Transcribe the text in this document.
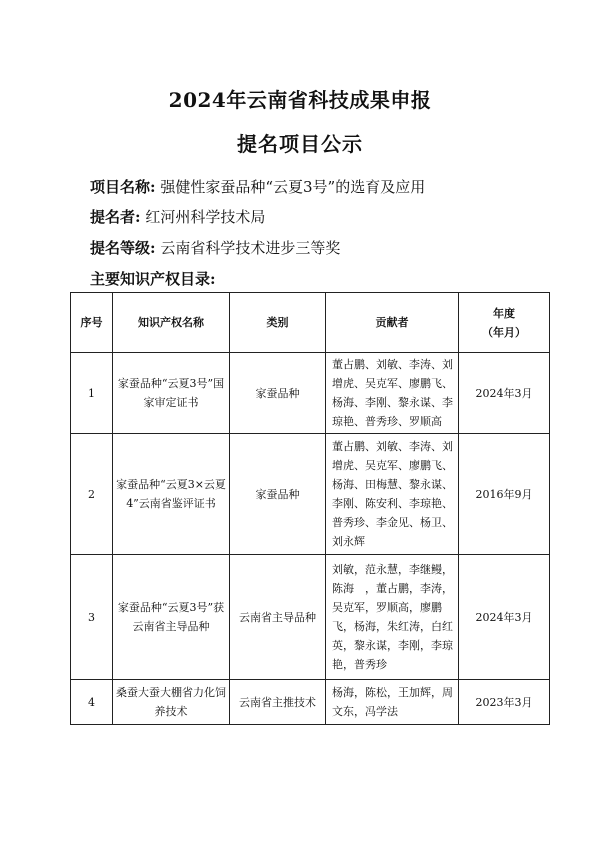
2024年云南省科技成果申报
提名项目公示
项目名称: 强健性家蚕品种“云夏3号”的选育及应用
提名者: 红河州科学技术局
提名等级: 云南省科学技术进步三等奖
主要知识产权目录:
序号	知识产权名称	类别	贡献者	年度
（年月）

1	家蚕品种“云夏3号”国家审定证书	家蚕品种	董占鹏、刘敏、李涛、刘增虎、吴克军、廖鹏飞、杨海、李刚、黎永谋、李琼艳、普秀珍、罗顺高	2024年3月
2	家蚕品种“云夏3×云夏4”云南省鉴评证书	家蚕品种	董占鹏、刘敏、李涛、刘增虎、吴克军、廖鹏飞、杨海、田梅慧、黎永谋、李刚、陈安利、李琼艳、普秀珍、李金见、杨卫、刘永辉	2016年9月
3	家蚕品种“云夏3号”获云南省主导品种	云南省主导品种	刘敏，范永慧，李继鳗，陈海　，董占鹏，李涛，吴克军，罗顺高，廖鹏飞，杨海，朱红涛，白红英，黎永谋，李刚，李琼艳，普秀珍	2024年3月
4	桑蚕大蚕大棚省力化饲养技术	云南省主推技术	杨海，陈松，王加辉，周文东，冯学法	2023年3月
